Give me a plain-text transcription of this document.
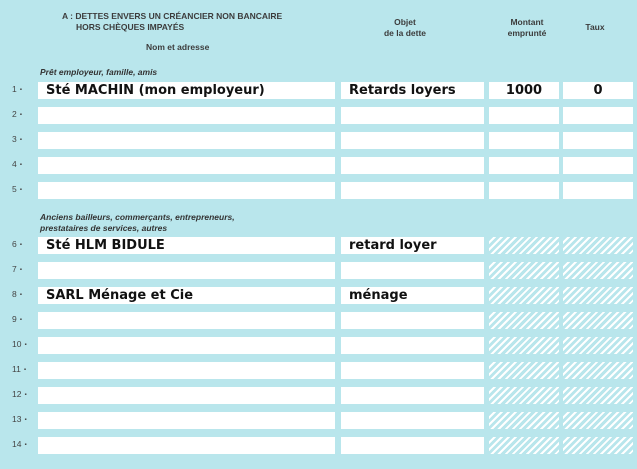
A : DETTES ENVERS UN CRÉANCIER NON BANCAIRE
HORS CHÈQUES IMPAYÉS
Nom et adresse
Objet
de la dette
Montant
emprunté
Taux
Prêt employeur, famille, amis
1 ▪	Sté MACHIN (mon employeur)	Retards loyers	1000	0
2 ▪
3 ▪
4 ▪
5 ▪
Anciens bailleurs, commerçants, entrepreneurs,
prestataires de services, autres
6 ▪	Sté HLM BIDULE	retard loyer
7 ▪
8 ▪	SARL Ménage et Cie	ménage
9 ▪
10 ▪
11 ▪
12 ▪
13 ▪
14 ▪
